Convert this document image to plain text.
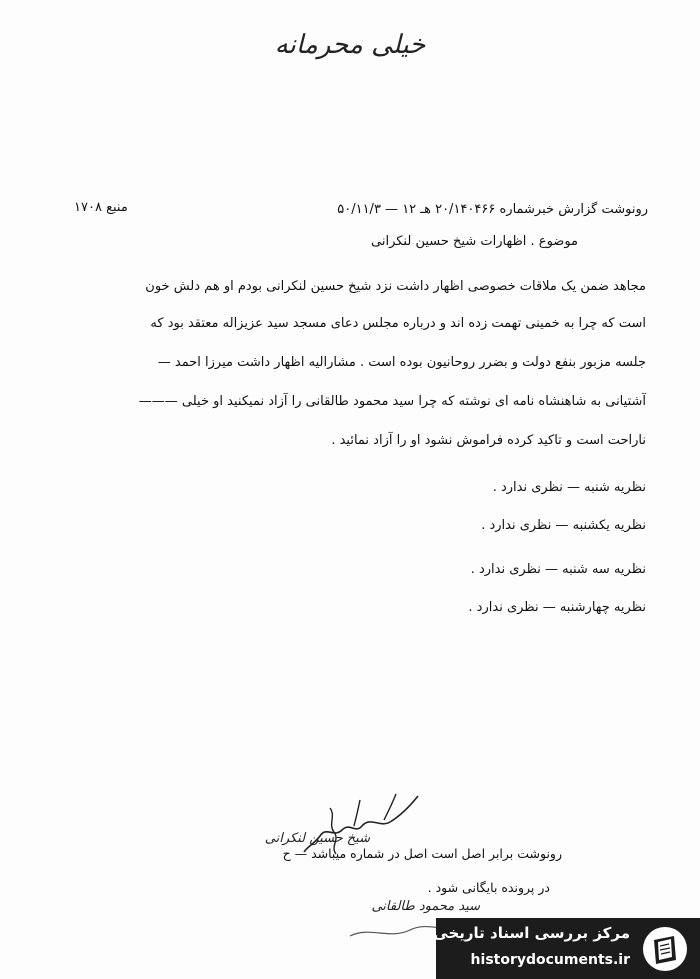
خیلی محرمانه
رونوشت گزارش خبرشماره ۲۰/۱۴۰۴۶۶ هـ ۱۲ — ۵۰/۱۱/۳
منبع ۱۷۰۸
موضوع . اظهارات شیخ حسین لنکرانی
مجاهد ضمن یک ملاقات خصوصی اظهار داشت نزد شیخ حسین لنکرانی بودم او هم دلش خون
است که چرا به خمینی تهمت زده اند و درباره مجلس دعای مسجد سید عزیزاله معتقد بود که
جلسه مزبور بنفع دولت و بضرر روحانیون بوده است . مشارالیه اظهار داشت میرزا احمد —
آشتیانی به شاهنشاه نامه ای نوشته که چرا سید محمود طالقانی را آزاد نمیکنید او خیلی ———
ناراحت است و تاکید کرده فراموش نشود او را آزاد نمائید .
نظریه شنبه — نظری ندارد .
نظریه یکشنبه — نظری ندارد .
نظریه سه شنبه — نظری ندارد .
نظریه چهارشنبه — نظری ندارد .
شیخ حسین لنکرانی
رونوشت برابر اصل است اصل در شماره میباشد — ح
در پرونده بایگانی شود .
سید محمود طالقانی
مرکز بررسی اسناد تاریخی
historydocuments.ir
